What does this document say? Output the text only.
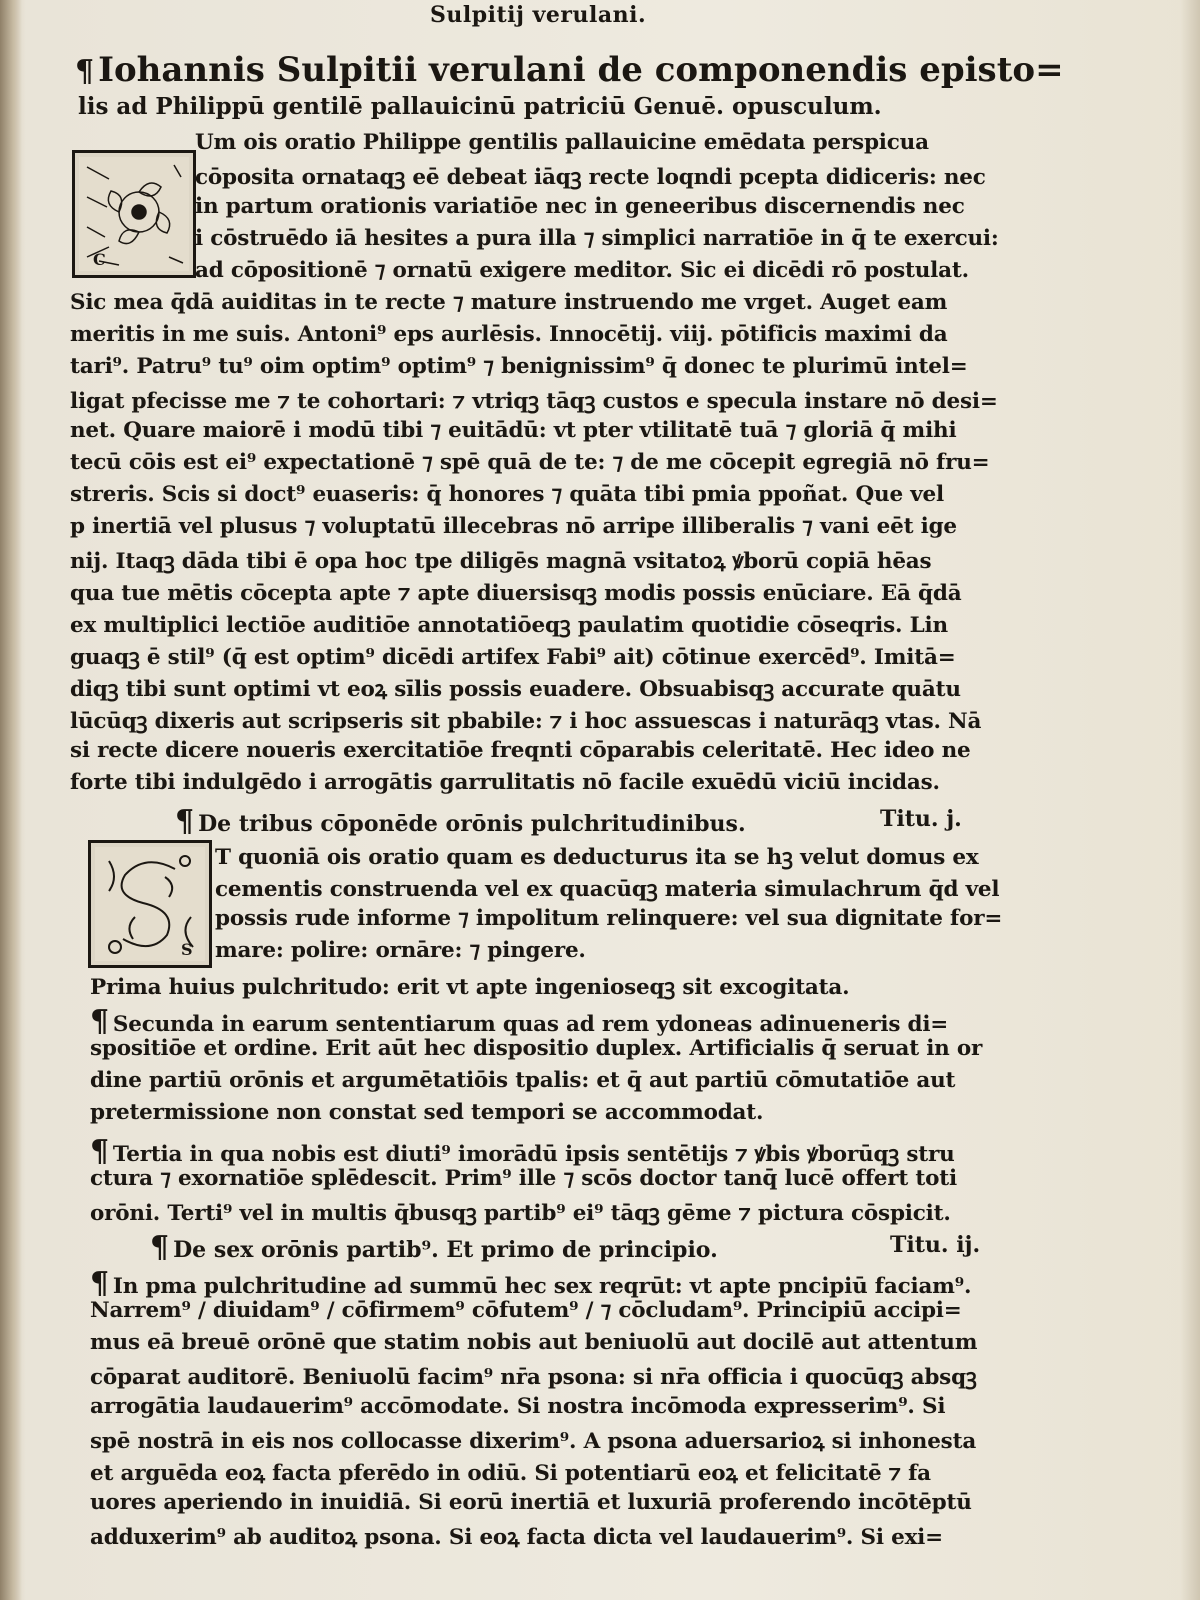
Sulpitij verulani.
¶ Iohannis Sulpitii verulani de componendis episto=
lis ad Philippū gentilē pallauicinū patriciū Genuē. opusculum.
C
Um ois oratio Philippe gentilis pallauicine emēdata perspicua
cōposita ornataqꝫ eē debeat iāqꝫ recte loqndi pcepta didiceris: nec
in partum orationis variatiōe nec in geneeribus discernendis nec
i cōstruēdo iā hesites a pura illa ⁊ simplici narratiōe in q̄ te exercui:
ad cōpositionē ⁊ ornatū exigere meditor. Sic ei dicēdi rō postulat.
Sic mea q̄dā auiditas in te recte ⁊ mature instruendo me vrget. Auget eam
meritis in me suis. Antoni⁹ eps aurlēsis. Innocētij. viij. pōtificis maximi da
tari⁹. Patru⁹ tu⁹ oim optim⁹ optim⁹ ⁊ benignissim⁹ q̄ donec te plurimū intel=
ligat pfecisse me ⁊ te cohortari: ⁊ vtriqꝫ tāqꝫ custos e specula instare nō desi=
net. Quare maiorē i modū tibi ⁊ euitādū: vt pter vtilitatē tuā ⁊ gloriā q̄ mihi
tecū cōis est ei⁹ expectationē ⁊ spē quā de te: ⁊ de me cōcepit egregiā nō fru=
streris. Scis si doct⁹ euaseris: q̄ honores ⁊ quāta tibi pmia ppoñat. Que vel
p inertiā vel plusus ⁊ voluptatū illecebras nō arripe illiberalis ⁊ vani eēt ige
nij. Itaqꝫ dāda tibi ē opa hoc tpe diligēs magnā vsitatoꝝ ꝟborū copiā hēas
qua tue mētis cōcepta apte ⁊ apte diuersisqꝫ modis possis enūciare. Eā q̄dā
ex multiplici lectiōe auditiōe annotatiōeqꝫ paulatim quotidie cōseqris. Lin
guaqꝫ ē stil⁹ (q̄ est optim⁹ dicēdi artifex Fabi⁹ ait) cōtinue exercēd⁹. Imitā=
diqꝫ tibi sunt optimi vt eoꝝ sīlis possis euadere. Obsuabisqꝫ accurate quātu
lūcūqꝫ dixeris aut scripseris sit pbabile: ⁊ i hoc assuescas i naturāqꝫ vtas. Nā
si recte dicere noueris exercitatiōe freqnti cōparabis celeritatē. Hec ideo ne
forte tibi indulgēdo i arrogātis garrulitatis nō facile exuēdū viciū incidas.
¶ De tribus cōponēde orōnis pulchritudinibus.	Titu. j.
S
T quoniā ois oratio quam es deducturus ita se hꝫ velut domus ex
cementis construenda vel ex quacūqꝫ materia simulachrum q̄d vel
possis rude informe ⁊ impolitum relinquere: vel sua dignitate for=
mare: polire: ornāre: ⁊ pingere.
Prima huius pulchritudo: erit vt apte ingenioseqꝫ sit excogitata.
¶ Secunda in earum sententiarum quas ad rem ydoneas adinueneris di=
spositiōe et ordine. Erit aūt hec dispositio duplex. Artificialis q̄ seruat in or
dine partiū orōnis et argumētatiōis tpalis: et q̄ aut partiū cōmutatiōe aut
pretermissione non constat sed tempori se accommodat.
¶ Tertia in qua nobis est diuti⁹ imorādū ipsis sentētijs ⁊ ꝟbis ꝟborūqꝫ stru
ctura ⁊ exornatiōe splēdescit. Prim⁹ ille ⁊ scōs doctor tanq̄ lucē offert toti
orōni. Terti⁹ vel in multis q̄busqꝫ partib⁹ ei⁹ tāqꝫ gēme ⁊ pictura cōspicit.
¶ De sex orōnis partib⁹. Et primo de principio.	Titu. ij.
¶ In pma pulchritudine ad summū hec sex reqrūt: vt apte pncipiū faciam⁹.
Narrem⁹ / diuidam⁹ / cōfirmem⁹ cōfutem⁹ / ⁊ cōcludam⁹. Principiū accipi=
mus eā breuē orōnē que statim nobis aut beniuolū aut docilē aut attentum
cōparat auditorē. Beniuolū facim⁹ nr̄a psona: si nr̄a officia i quocūqꝫ absqꝫ
arrogātia laudauerim⁹ accōmodate. Si nostra incōmoda expresserim⁹. Si
spē nostrā in eis nos collocasse dixerim⁹. A psona aduersarioꝝ si inhonesta
et arguēda eoꝝ facta pferēdo in odiū. Si potentiarū eoꝝ et felicitatē ⁊ fa
uores aperiendo in inuidiā. Si eorū inertiā et luxuriā proferendo incōtēptū
adduxerim⁹ ab auditoꝝ psona. Si eoꝝ facta dicta vel laudauerim⁹. Si exi=
